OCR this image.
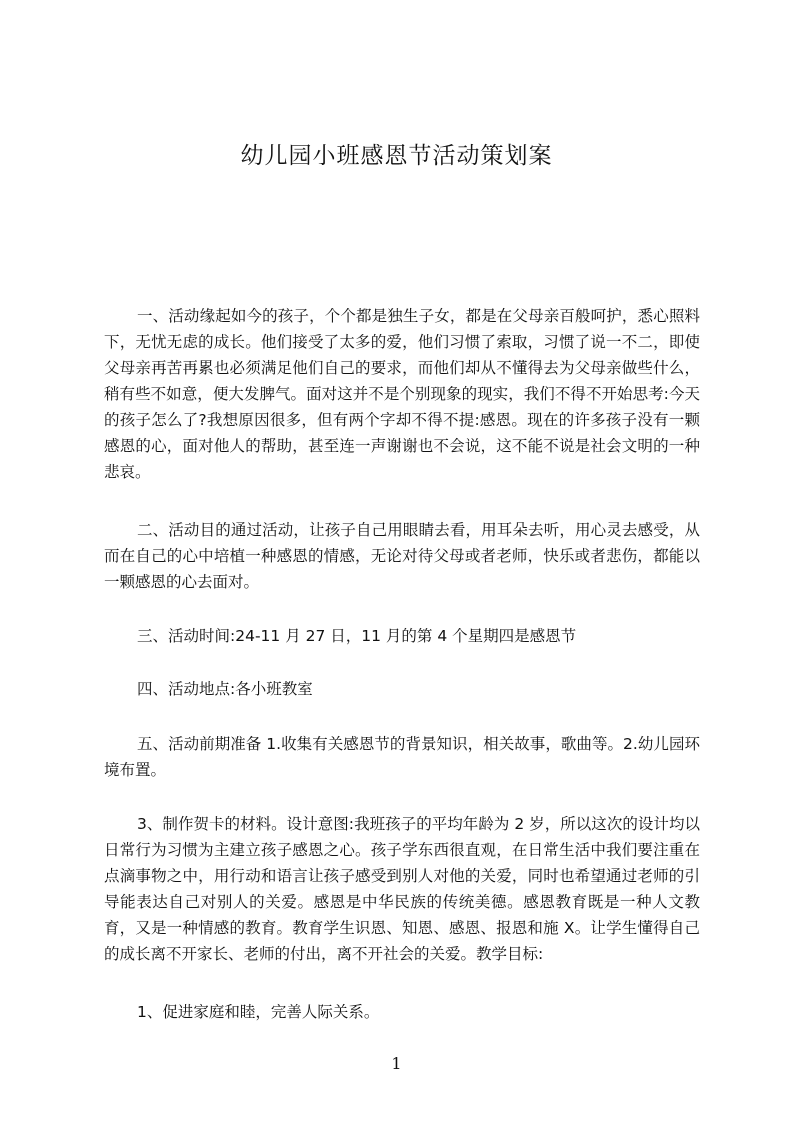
幼儿园小班感恩节活动策划案

一、活动缘起如今的孩子，个个都是独生子女，都是在父母亲百般呵护，悉心照料下，无忧无虑的成长。他们接受了太多的爱，他们习惯了索取，习惯了说一不二，即使父母亲再苦再累也必须满足他们自己的要求，而他们却从不懂得去为父母亲做些什么，稍有些不如意，便大发脾气。面对这并不是个别现象的现实，我们不得不开始思考:今天的孩子怎么了?我想原因很多，但有两个字却不得不提:感恩。现在的许多孩子没有一颗感恩的心，面对他人的帮助，甚至连一声谢谢也不会说，这不能不说是社会文明的一种悲哀。

二、活动目的通过活动，让孩子自己用眼睛去看，用耳朵去听，用心灵去感受，从而在自己的心中培植一种感恩的情感，无论对待父母或者老师，快乐或者悲伤，都能以一颗感恩的心去面对。

三、活动时间:24-11 月 27 日，11 月的第 4 个星期四是感恩节

四、活动地点:各小班教室

五、活动前期准备 1.收集有关感恩节的背景知识，相关故事，歌曲等。2.幼儿园环境布置。

3、制作贺卡的材料。设计意图:我班孩子的平均年龄为 2 岁，所以这次的设计均以日常行为习惯为主建立孩子感恩之心。孩子学东西很直观，在日常生活中我们要注重在点滴事物之中，用行动和语言让孩子感受到别人对他的关爱，同时也希望通过老师的引导能表达自己对别人的关爱。感恩是中华民族的传统美德。感恩教育既是一种人文教育，又是一种情感的教育。教育学生识恩、知恩、感恩、报恩和施 X。让学生懂得自己的成长离不开家长、老师的付出，离不开社会的关爱。教学目标:

1、促进家庭和睦，完善人际关系。

1
